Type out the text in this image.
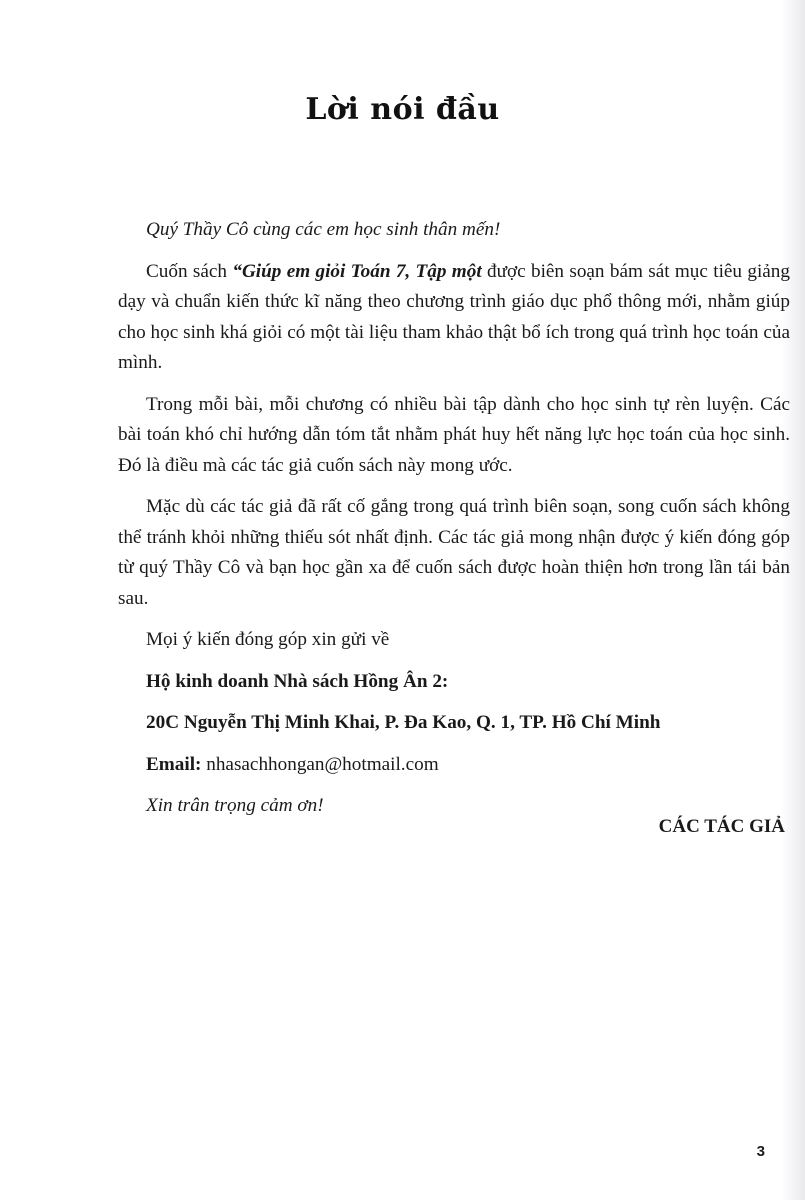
Lời nói đầu

Quý Thầy Cô cùng các em học sinh thân mến!

Cuốn sách “Giúp em giỏi Toán 7, Tập một được biên soạn bám sát mục tiêu giảng dạy và chuẩn kiến thức kĩ năng theo chương trình giáo dục phổ thông mới, nhằm giúp cho học sinh khá giỏi có một tài liệu tham khảo thật bổ ích trong quá trình học toán của mình.

Trong mỗi bài, mỗi chương có nhiều bài tập dành cho học sinh tự rèn luyện. Các bài toán khó chỉ hướng dẫn tóm tắt nhằm phát huy hết năng lực học toán của học sinh. Đó là điều mà các tác giả cuốn sách này mong ước.

Mặc dù các tác giả đã rất cố gắng trong quá trình biên soạn, song cuốn sách không thể tránh khỏi những thiếu sót nhất định. Các tác giả mong nhận được ý kiến đóng góp từ quý Thầy Cô và bạn học gần xa để cuốn sách được hoàn thiện hơn trong lần tái bản sau.

Mọi ý kiến đóng góp xin gửi về

Hộ kinh doanh Nhà sách Hồng Ân 2:

20C Nguyễn Thị Minh Khai, P. Đa Kao, Q. 1, TP. Hồ Chí Minh

Email: nhasachhongan@hotmail.com

Xin trân trọng cảm ơn!

CÁC TÁC GIẢ
3
